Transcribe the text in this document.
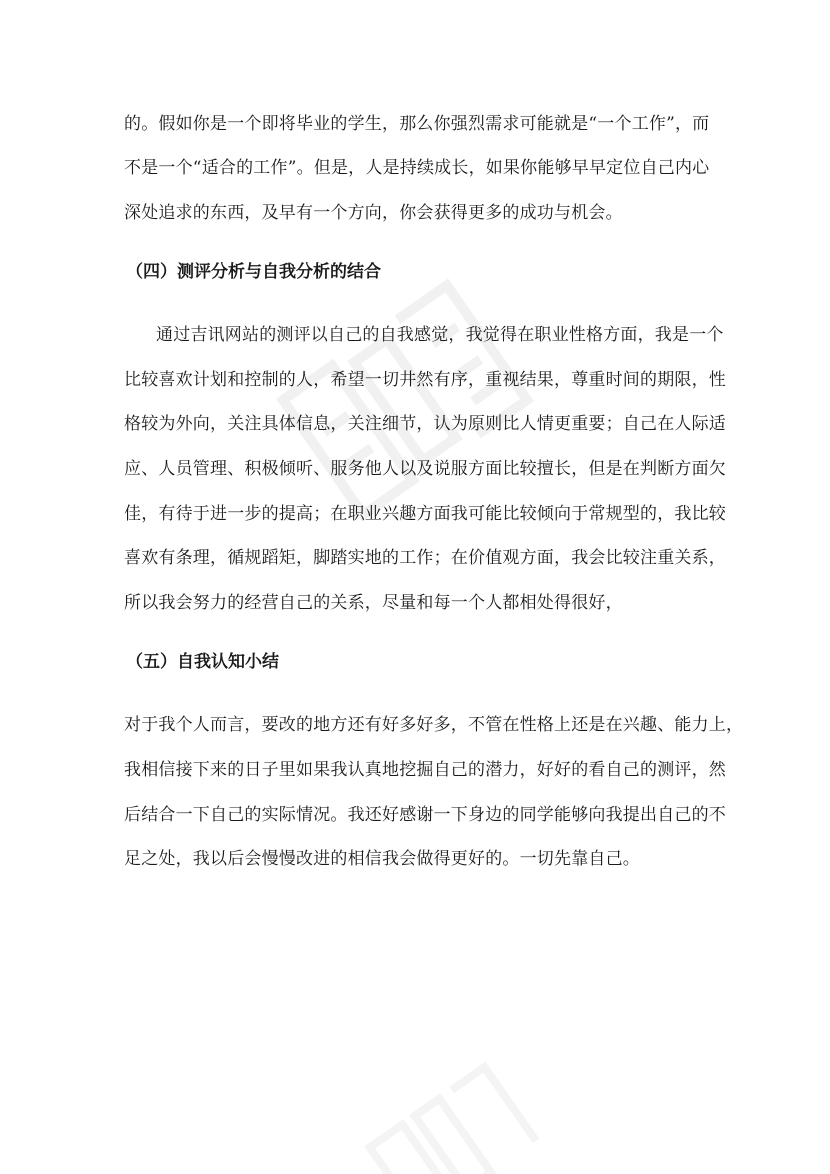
的。假如你是一个即将毕业的学生，那么你强烈需求可能就是“一个工作”，而
不是一个“适合的工作”。但是，人是持续成长，如果你能够早早定位自己内心
深处追求的东西，及早有一个方向，你会获得更多的成功与机会。
（四）测评分析与自我分析的结合
通过吉讯网站的测评以自己的自我感觉，我觉得在职业性格方面，我是一个
比较喜欢计划和控制的人，希望一切井然有序，重视结果，尊重时间的期限，性
格较为外向，关注具体信息，关注细节，认为原则比人情更重要；自己在人际适
应、人员管理、积极倾听、服务他人以及说服方面比较擅长，但是在判断方面欠
佳，有待于进一步的提高；在职业兴趣方面我可能比较倾向于常规型的，我比较
喜欢有条理，循规蹈矩，脚踏实地的工作；在价值观方面，我会比较注重关系，
所以我会努力的经营自己的关系，尽量和每一个人都相处得很好，
（五）自我认知小结
对于我个人而言，要改的地方还有好多好多，不管在性格上还是在兴趣、能力上，
我相信接下来的日子里如果我认真地挖掘自己的潜力，好好的看自己的测评，然
后结合一下自己的实际情况。我还好感谢一下身边的同学能够向我提出自己的不
足之处，我以后会慢慢改进的相信我会做得更好的。一切先靠自己。
